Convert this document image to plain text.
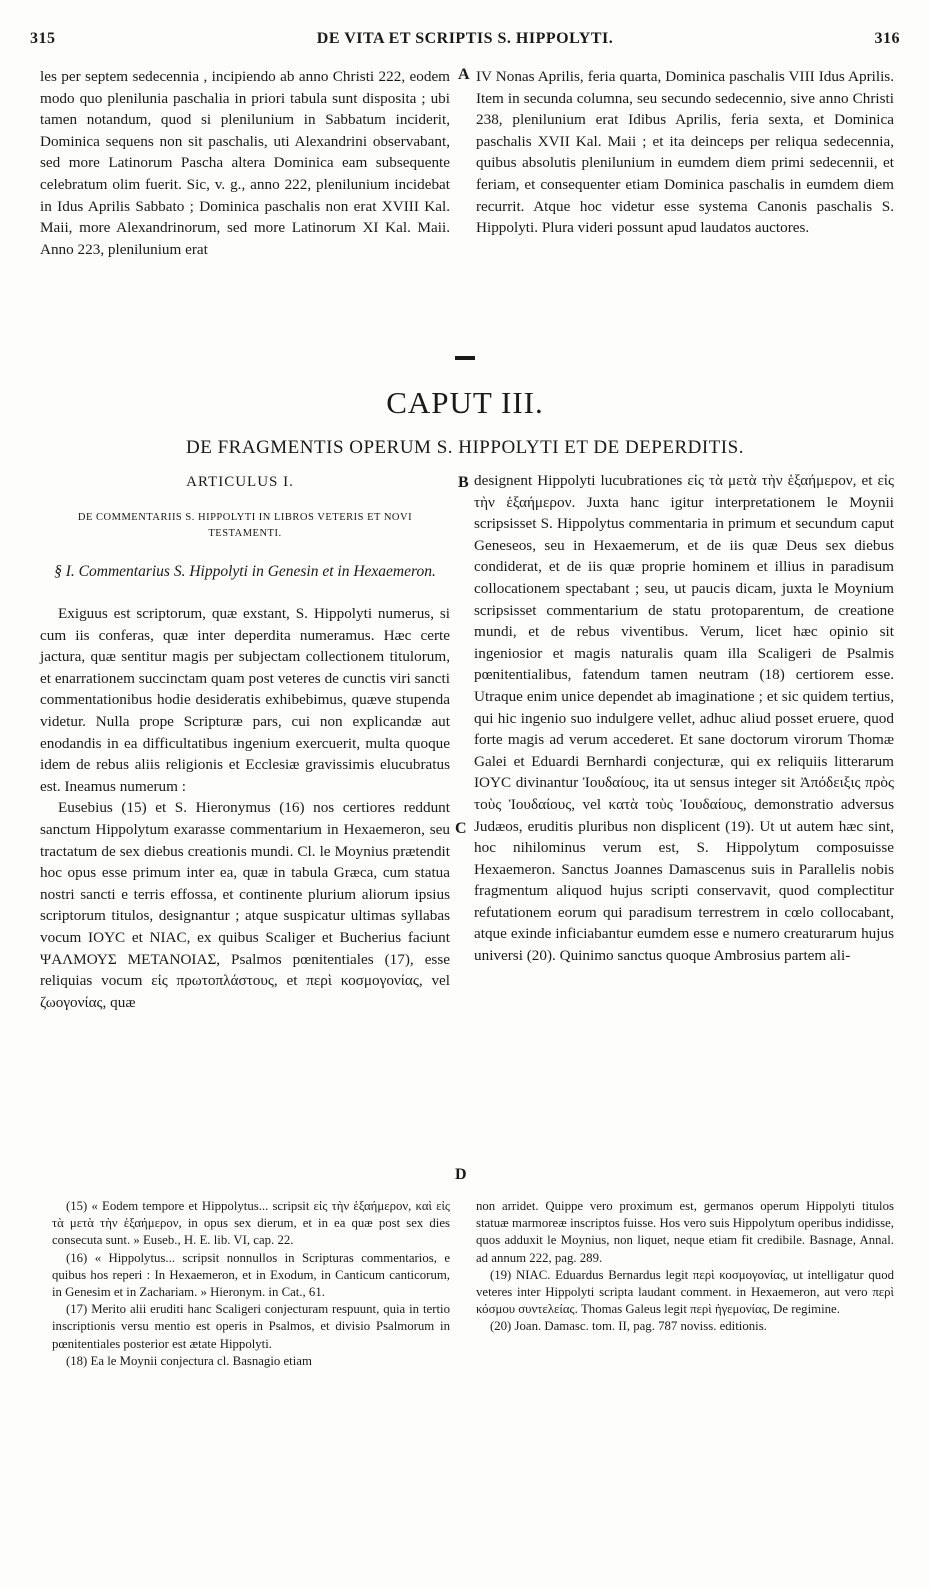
315	DE VITA ET SCRIPTIS S. HIPPOLYTI.	316

les per septem sedecennia , incipiendo ab anno Christi 222, eodem modo quo plenilunia paschalia in priori tabula sunt disposita ; ubi tamen notandum, quod si plenilunium in Sabbatum inciderit, Dominica sequens non sit paschalis, uti Alexandrini observabant, sed more Latinorum Pascha altera Dominica eam subsequente celebratum olim fuerit. Sic, v. g., anno 222, plenilunium incidebat in Idus Aprilis Sabbato ; Dominica paschalis non erat XVIII Kal. Maii, more Alexandrinorum, sed more Latinorum XI Kal. Maii. Anno 223, plenilunium erat

A IV Nonas Aprilis, feria quarta, Dominica paschalis VIII Idus Aprilis. Item in secunda columna, seu secundo sedecennio, sive anno Christi 238, plenilunium erat Idibus Aprilis, feria sexta, et Dominica paschalis XVII Kal. Maii ; et ita deinceps per reliqua sedecennia, quibus absolutis plenilunium in eumdem diem primi sedecennii, et feriam, et consequenter etiam Dominica paschalis in eumdem diem recurrit. Atque hoc videtur esse systema Canonis paschalis S. Hippolyti. Plura videri possunt apud laudatos auctores.

CAPUT III.
DE FRAGMENTIS OPERUM S. HIPPOLYTI ET DE DEPERDITIS.
ARTICULUS I.
DE COMMENTARIIS S. HIPPOLYTI IN LIBROS VETERIS ET NOVI TESTAMENTI.
§ I. Commentarius S. Hippolyti in Genesin et in Hexaemeron.

Exiguus est scriptorum, quæ exstant, S. Hippolyti numerus, si cum iis conferas, quæ inter deperdita numeramus. Hæc certe jactura, quæ sentitur magis per subjectam collectionem titulorum, et enarrationem succinctam quam post veteres de cunctis viri sancti commentationibus hodie desideratis exhibebimus, quæve stupenda videtur. Nulla prope Scripturæ pars, cui non explicandæ aut enodandis in ea difficultatibus ingenium exercuerit, multa quoque idem de rebus aliis religionis et Ecclesiæ gravissimis elucubratus est. Ineamus numerum :

Eusebius (15) et S. Hieronymus (16) nos certiores reddunt sanctum Hippolytum exarasse commentarium in Hexaemeron, seu tractatum de sex diebus creationis mundi. Cl. le Moynius prætendit hoc opus esse primum inter ea, quæ in tabula Græca, cum statua nostri sancti e terris effossa, et continente plurium aliorum ipsius scriptorum titulos, designantur ; atque suspicatur ultimas syllabas vocum IOYC et NIAC, ex quibus Scaliger et Bucherius faciunt ΨΑΛΜΟΥΣ ΜΕΤΑΝΟΙΑΣ, Psalmos pœnitentiales (17), esse reliquias vocum εἰς πρωτοπλάστους, et περὶ κοσμογονίας, vel ζωογονίας, quæ

B
C
D

designent Hippolyti lucubrationes εἰς τὰ μετὰ τὴν ἑξαήμερον, et εἰς τὴν ἑξαήμερον. Juxta hanc igitur interpretationem le Moynii scripsisset S. Hippolytus commentaria in primum et secundum caput Geneseos, seu in Hexaemerum, et de iis quæ Deus sex diebus condiderat, et de iis quæ proprie hominem et illius in paradisum collocationem spectabant ; seu, ut paucis dicam, juxta le Moynium scripsisset commentarium de statu protoparentum, de creatione mundi, et de rebus viventibus. Verum, licet hæc opinio sit ingeniosior et magis naturalis quam illa Scaligeri de Psalmis pœnitentialibus, fatendum tamen neutram (18) certiorem esse. Utraque enim unice dependet ab imaginatione ; et sic quidem tertius, qui hic ingenio suo indulgere vellet, adhuc aliud posset eruere, quod forte magis ad verum accederet. Et sane doctorum virorum Thomæ Galei et Eduardi Bernhardi conjecturæ, qui ex reliquiis litterarum IOYC divinantur Ἰουδαίους, ita ut sensus integer sit Ἀπόδειξις πρὸς τοὺς Ἰουδαίους, vel κατὰ τοὺς Ἰουδαίους, demonstratio adversus Judæos, eruditis pluribus non displicent (19). Ut ut autem hæc sint, hoc nihilominus verum est, S. Hippolytum composuisse Hexaemeron. Sanctus Joannes Damascenus suis in Parallelis nobis fragmentum aliquod hujus scripti conservavit, quod complectitur refutationem eorum qui paradisum terrestrem in cœlo collocabant, atque exinde inficiabantur eumdem esse e numero creaturarum hujus universi (20). Quinimo sanctus quoque Ambrosius partem ali-

(15) « Eodem tempore et Hippolytus... scripsit εἰς τὴν ἑξαήμερον, καὶ εἰς τὰ μετὰ τὴν ἑξαήμερον, in opus sex dierum, et in ea quæ post sex dies consecuta sunt. » Euseb., H. E. lib. VI, cap. 22.

(16) « Hippolytus... scripsit nonnullos in Scripturas commentarios, e quibus hos reperi : In Hexaemeron, et in Exodum, in Canticum canticorum, in Genesim et in Zachariam. » Hieronym. in Cat., 61.

(17) Merito alii eruditi hanc Scaligeri conjecturam respuunt, quia in tertio inscriptionis versu mentio est operis in Psalmos, et divisio Psalmorum in pœnitentiales posterior est ætate Hippolyti.

(18) Ea le Moynii conjectura cl. Basnagio etiam

non arridet. Quippe vero proximum est, germanos operum Hippolyti titulos statuæ marmoreæ inscriptos fuisse. Hos vero suis Hippolytum operibus indidisse, quos adduxit le Moynius, non liquet, neque etiam fit credibile. Basnage, Annal. ad annum 222, pag. 289.

(19) NIAC. Eduardus Bernardus legit περὶ κοσμογονίας, ut intelligatur quod veteres inter Hippolyti scripta laudant comment. in Hexaemeron, aut vero περὶ κόσμου συντελείας. Thomas Galeus legit περὶ ἡγεμονίας, De regimine.

(20) Joan. Damasc. tom. II, pag. 787 noviss. editionis.
